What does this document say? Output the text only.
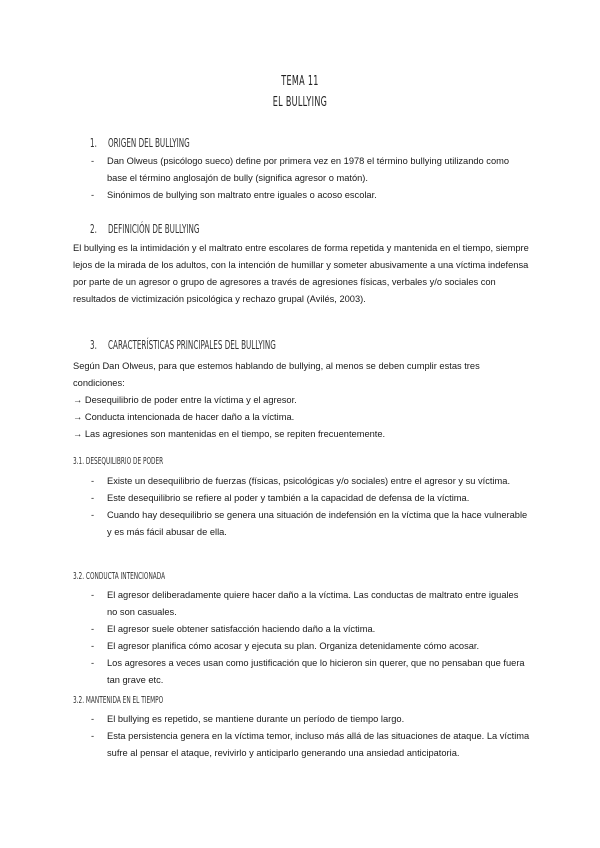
TEMA 11
EL BULLYING
1. ORIGEN DEL BULLYING
- Dan Olweus (psicólogo sueco) define por primera vez en 1978 el término bullying utilizando como base el término anglosajón de bully (significa agresor o matón).
- Sinónimos de bullying son maltrato entre iguales o acoso escolar.
2. DEFINICIÓN DE BULLYING

El bullying es la intimidación y el maltrato entre escolares de forma repetida y mantenida en el tiempo, siempre lejos de la mirada de los adultos, con la intención de humillar y someter abusivamente a una víctima indefensa por parte de un agresor o grupo de agresores a través de agresiones físicas, verbales y/o sociales con resultados de victimización psicológica y rechazo grupal (Avilés, 2003).

3. CARACTERÍSTICAS PRINCIPALES DEL BULLYING

Según Dan Olweus, para que estemos hablando de bullying, al menos se deben cumplir estas tres condiciones:

→ Desequilibrio de poder entre la víctima y el agresor.

→ Conducta intencionada de hacer daño a la víctima.

→ Las agresiones son mantenidas en el tiempo, se repiten frecuentemente.

3.1. DESEQUILIBRIO DE PODER
- Existe un desequilibrio de fuerzas (físicas, psicológicas y/o sociales) entre el agresor y su víctima.
- Este desequilibrio se refiere al poder y también a la capacidad de defensa de la víctima.
- Cuando hay desequilibrio se genera una situación de indefensión en la víctima que la hace vulnerable y es más fácil abusar de ella.
3.2. CONDUCTA INTENCIONADA
- El agresor deliberadamente quiere hacer daño a la víctima. Las conductas de maltrato entre iguales no son casuales.
- El agresor suele obtener satisfacción haciendo daño a la víctima.
- El agresor planifica cómo acosar y ejecuta su plan. Organiza detenidamente cómo acosar.
- Los agresores a veces usan como justificación que lo hicieron sin querer, que no pensaban que fuera tan grave etc.
3.2. MANTENIDA EN EL TIEMPO
- El bullying es repetido, se mantiene durante un período de tiempo largo.
- Esta persistencia genera en la víctima temor, incluso más allá de las situaciones de ataque. La víctima sufre al pensar el ataque, revivirlo y anticiparlo generando una ansiedad anticipatoria.
